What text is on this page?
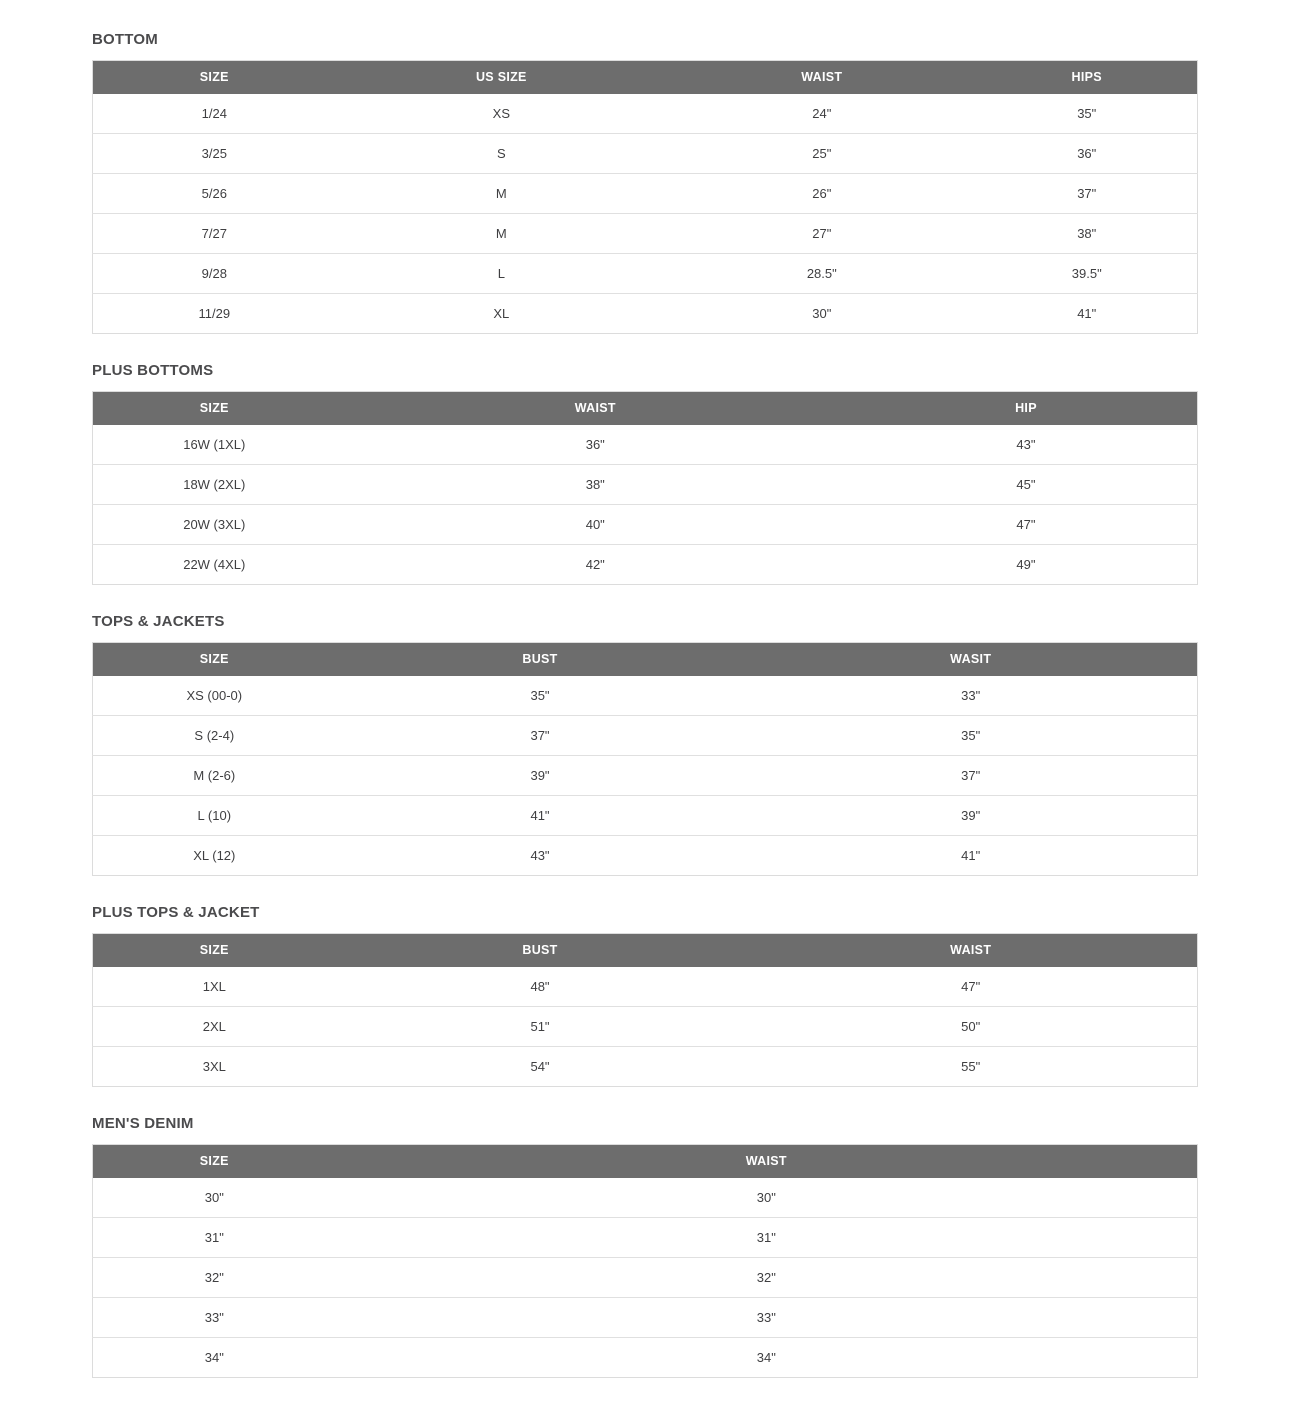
BOTTOM
SIZE	US SIZE	WAIST	HIPS
1/24	XS	24"	35"
3/25	S	25"	36"
5/26	M	26"	37"
7/27	M	27"	38"
9/28	L	28.5"	39.5"
11/29	XL	30"	41"
PLUS BOTTOMS
SIZE	WAIST	HIP
16W (1XL)	36"	43"
18W (2XL)	38"	45"
20W (3XL)	40"	47"
22W (4XL)	42"	49"
TOPS & JACKETS
SIZE	BUST	WASIT
XS (00-0)	35"	33"
S (2-4)	37"	35"
M (2-6)	39"	37"
L (10)	41"	39"
XL (12)	43"	41"
PLUS TOPS & JACKET
SIZE	BUST	WAIST
1XL	48"	47"
2XL	51"	50"
3XL	54"	55"
MEN'S DENIM
SIZE	WAIST
30"	30"
31"	31"
32"	32"
33"	33"
34"	34"
